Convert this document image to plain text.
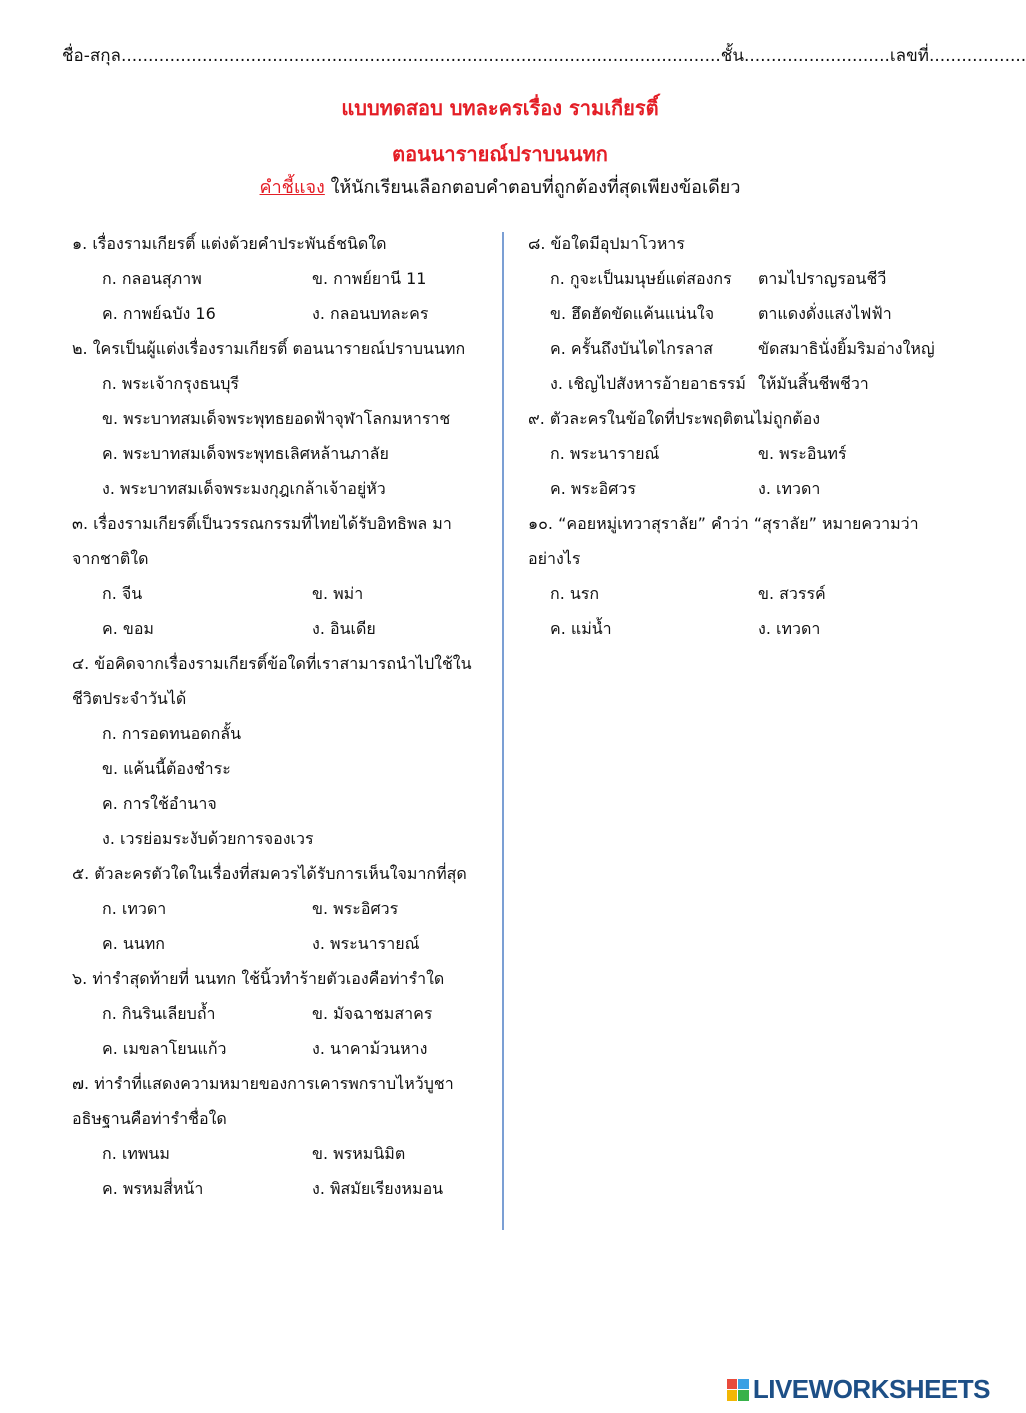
ชื่อ-สกุล...............................................................................................................ชั้น...........................เลขที่..................
แบบทดสอบ บทละครเรื่อง รามเกียรติ์
ตอนนารายณ์ปราบนนทก
คำชี้แจง ให้นักเรียนเลือกตอบคำตอบที่ถูกต้องที่สุดเพียงข้อเดียว
๑. เรื่องรามเกียรติ์ แต่งด้วยคำประพันธ์ชนิดใด
ก. กลอนสุภาพ	ข. กาพย์ยานี 11
ค. กาพย์ฉบัง 16	ง. กลอนบทละคร
๒. ใครเป็นผู้แต่งเรื่องรามเกียรติ์ ตอนนารายณ์ปราบนนทก
ก. พระเจ้ากรุงธนบุรี
ข. พระบาทสมเด็จพระพุทธยอดฟ้าจุฬาโลกมหาราช
ค. พระบาทสมเด็จพระพุทธเลิศหล้านภาลัย
ง. พระบาทสมเด็จพระมงกุฎเกล้าเจ้าอยู่หัว
๓. เรื่องรามเกียรติ์เป็นวรรณกรรมที่ไทยได้รับอิทธิพล มา
จากชาติใด
ก. จีน	ข. พม่า
ค. ขอม	ง. อินเดีย
๔. ข้อคิดจากเรื่องรามเกียรติ์ข้อใดที่เราสามารถนำไปใช้ใน
ชีวิตประจำวันได้
ก. การอดทนอดกลั้น
ข. แค้นนี้ต้องชำระ
ค. การใช้อำนาจ
ง. เวรย่อมระงับด้วยการจองเวร
๕. ตัวละครตัวใดในเรื่องที่สมควรได้รับการเห็นใจมากที่สุด
ก. เทวดา	ข. พระอิศวร
ค. นนทก	ง. พระนารายณ์
๖. ท่ารำสุดท้ายที่ นนทก ใช้นิ้วทำร้ายตัวเองคือท่ารำใด
ก. กินรินเลียบถ้ำ	ข. มัจฉาชมสาคร
ค. เมขลาโยนแก้ว	ง. นาคาม้วนหาง
๗. ท่ารำที่แสดงความหมายของการเคารพกราบไหว้บูชา
อธิษฐานคือท่ารำชื่อใด
ก. เทพนม	ข. พรหมนิมิต
ค. พรหมสี่หน้า	ง. พิสมัยเรียงหมอน
๘. ข้อใดมีอุปมาโวหาร
ก. กูจะเป็นมนุษย์แต่สองกร ตามไปราญรอนชีวี
ข. ฮึดฮัดขัดแค้นแน่นใจ	ตาแดงดั่งแสงไฟฟ้า
ค. ครั้นถึงบันไดไกรลาส	ขัดสมาธินั่งยิ้มริมอ่างใหญ่
ง. เชิญไปสังหารอ้ายอาธรรม์ ให้มันสิ้นชีพชีวา
๙. ตัวละครในข้อใดที่ประพฤติตนไม่ถูกต้อง
ก. พระนารายณ์	ข. พระอินทร์
ค. พระอิศวร	ง. เทวดา
๑๐. “คอยหมู่เทวาสุราลัย” คำว่า “สุราลัย” หมายความว่า
อย่างไร
ก. นรก	ข. สวรรค์
ค. แม่น้ำ	ง. เทวดา
LIVEWORKSHEETS
